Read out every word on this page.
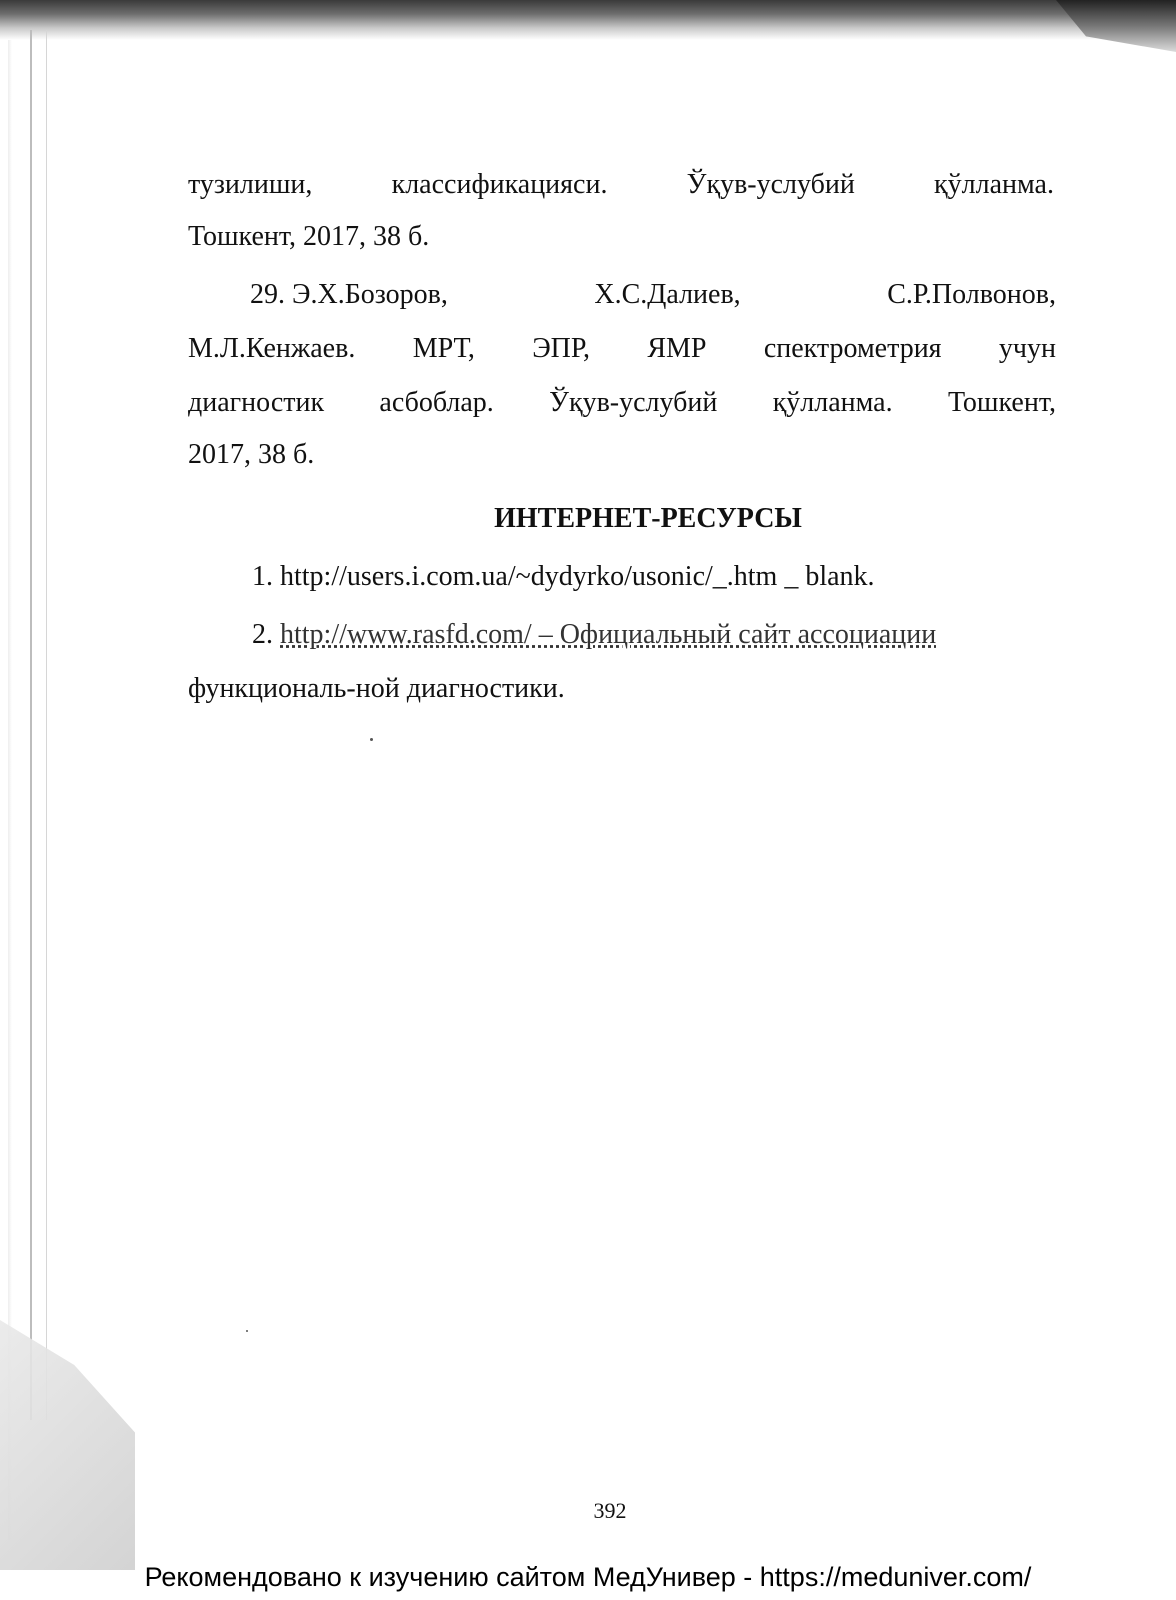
тузилиши,	классификацияси.	Ўқув-услубий	қўлланма.
Тошкент, 2017, 38 б.
29. Э.Х.Бозоров,	Х.С.Далиев,	С.Р.Полвонов,
М.Л.Кенжаев. МРТ, ЭПР, ЯМР спектрометрия учун
диагностик асбоблар. Ўқув-услубий қўлланма. Тошкент,
2017, 38 б.
ИНТЕРНЕТ-РЕСУРСЫ
1. http://users.i.com.ua/~dydyrko/usonic/_.htm _ blank.
2. http://www.rasfd.com/ – Официальный сайт ассоциации
функциональ-ной диагностики.
392
Рекомендовано к изучению сайтом МедУнивер - https://meduniver.com/
